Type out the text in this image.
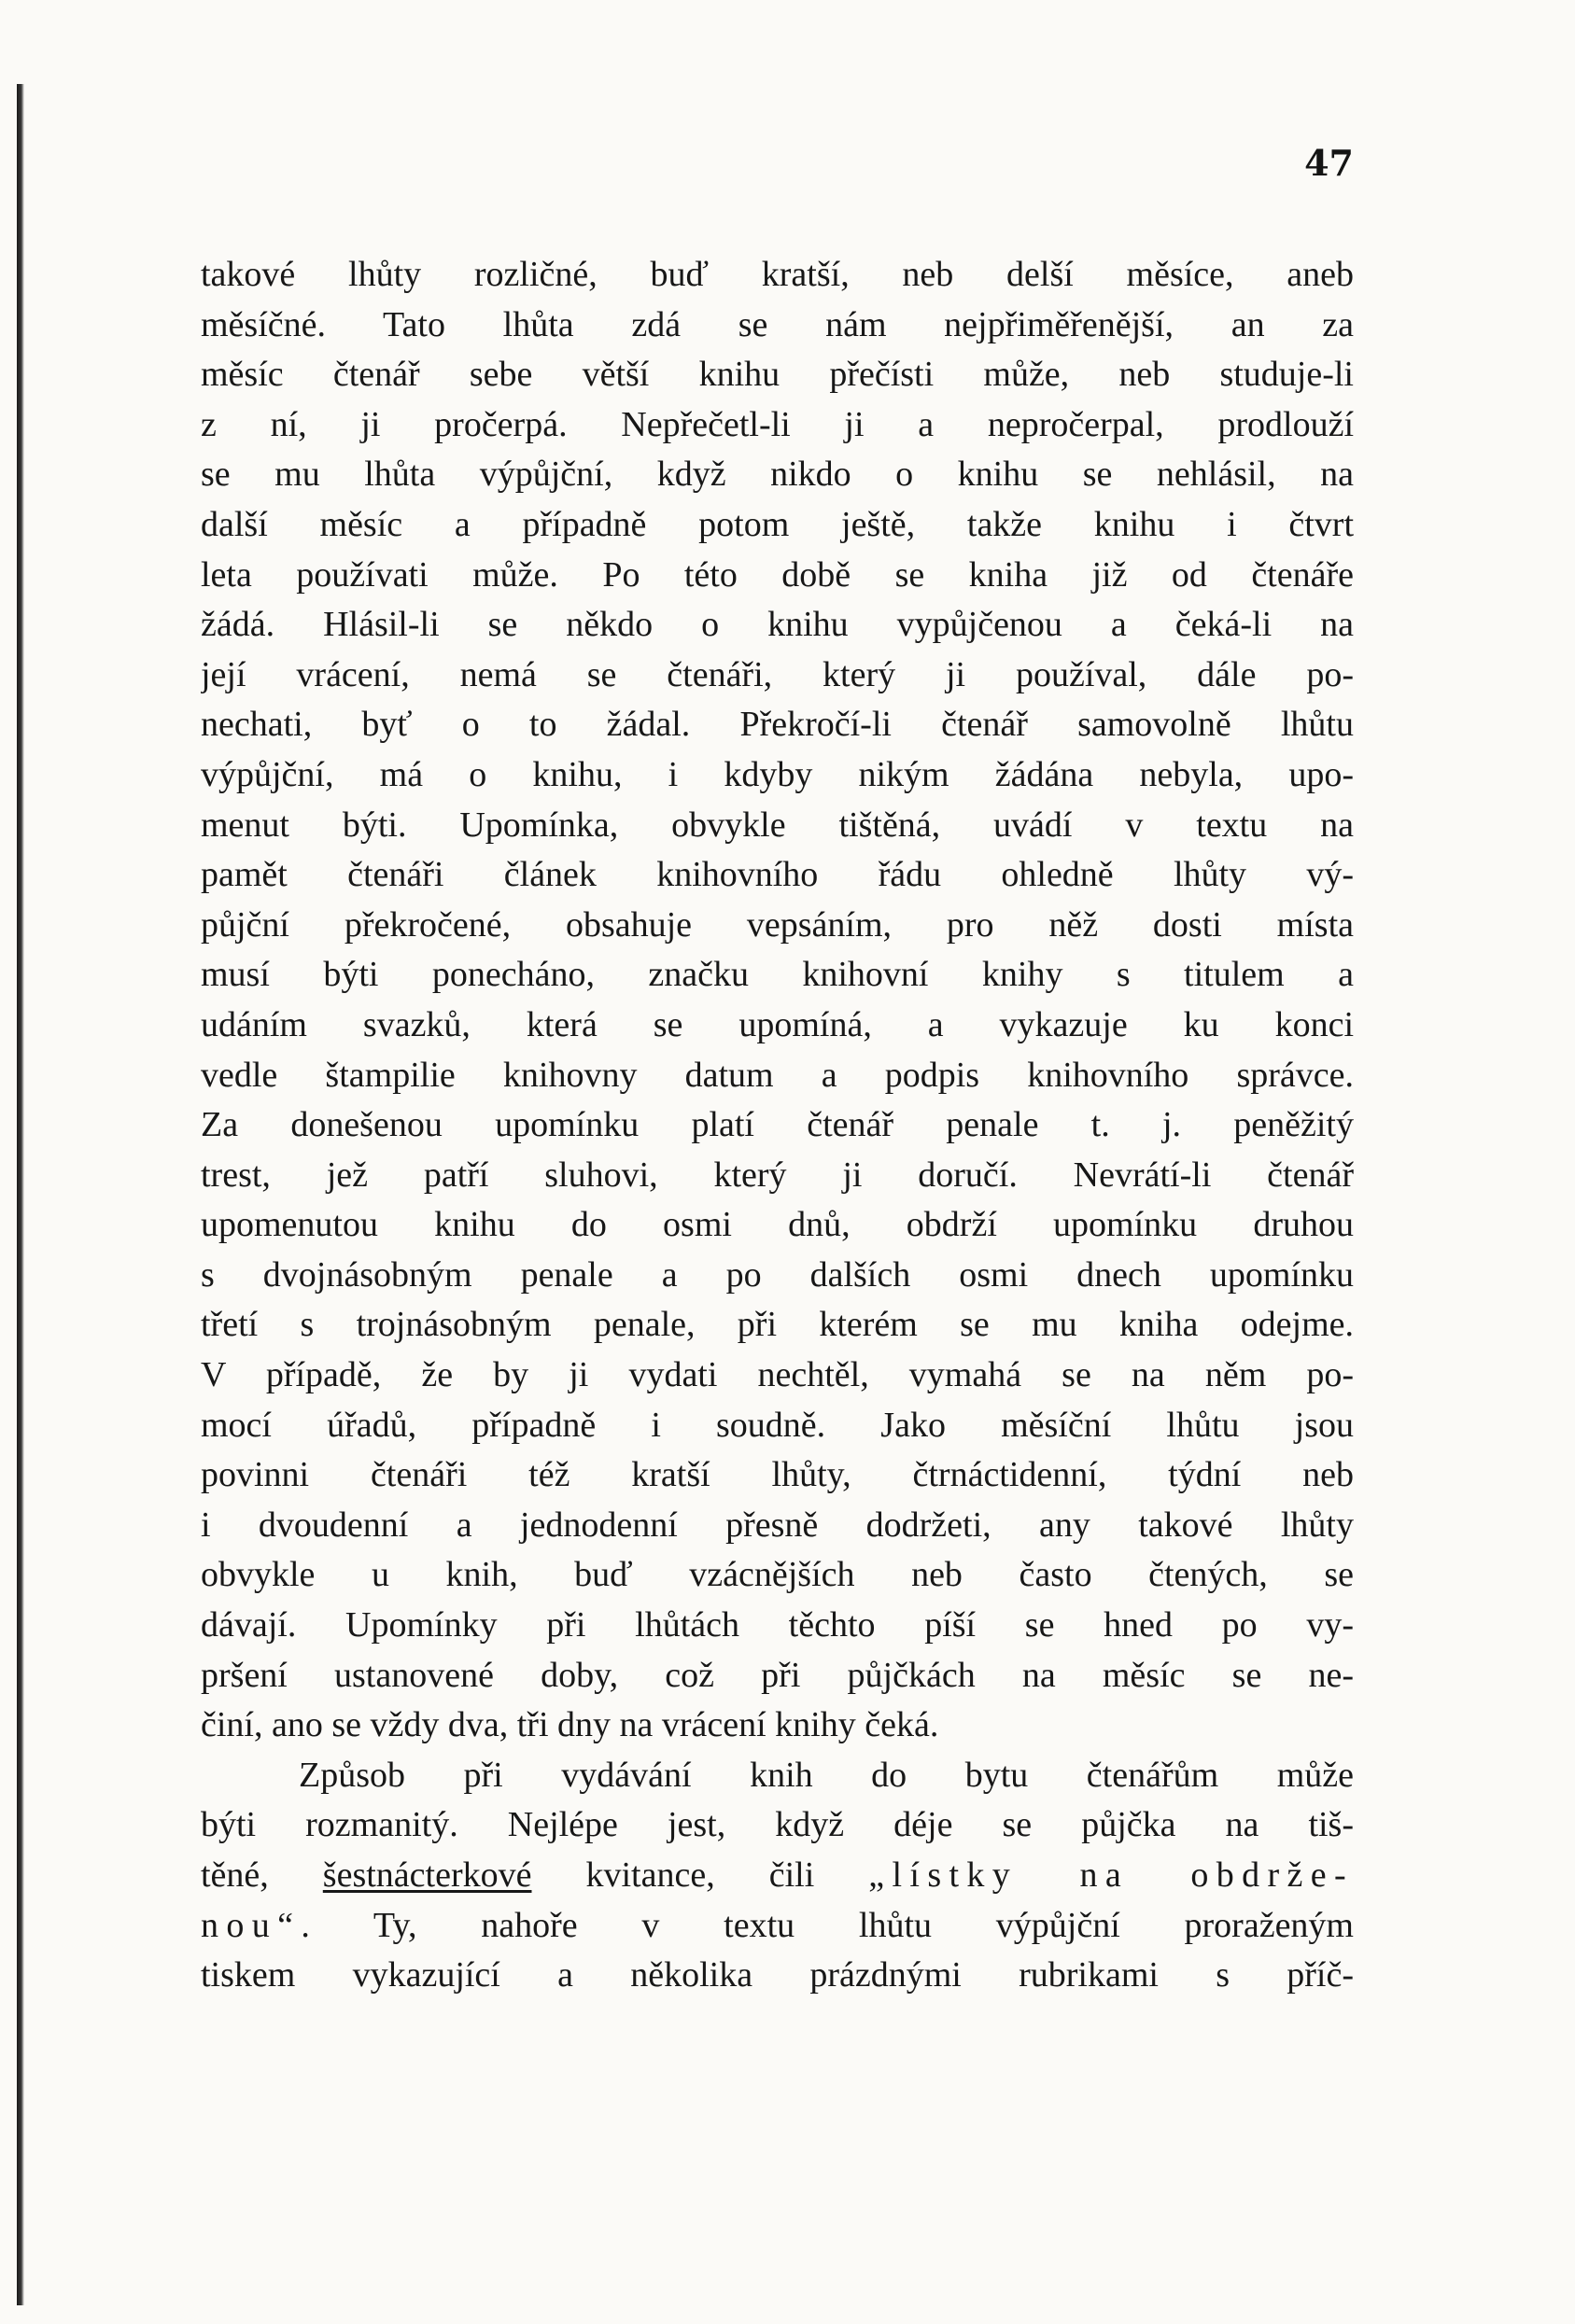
47
takové lhůty rozličné, buď kratší, neb delší měsíce, aneb
měsíčné. Tato lhůta zdá se nám nejpřiměřenější, an za
měsíc čtenář sebe větší knihu přečísti může, neb studuje-li
z ní, ji pročerpá. Nepřečetl-li ji a nepročerpal, prodlouží
se mu lhůta výpůjční, když nikdo o knihu se nehlásil, na
další měsíc a případně potom ještě, takže knihu i čtvrt
leta používati může. Po této době se kniha již od čtenáře
žádá. Hlásil-li se někdo o knihu vypůjčenou a čeká-li na
její vrácení, nemá se čtenáři, který ji používal, dále po-
nechati, byť o to žádal. Překročí-li čtenář samovolně lhůtu
výpůjční, má o knihu, i kdyby nikým žádána nebyla, upo-
menut býti. Upomínka, obvykle tištěná, uvádí v textu na
pamět čtenáři článek knihovního řádu ohledně lhůty vý-
půjční překročené, obsahuje vepsáním, pro něž dosti místa
musí býti ponecháno, značku knihovní knihy s titulem a
udáním svazků, která se upomíná, a vykazuje ku konci
vedle štampilie knihovny datum a podpis knihovního správce.
Za donešenou upomínku platí čtenář penale t. j. peněžitý
trest, jež patří sluhovi, který ji doručí. Nevrátí-li čtenář
upomenutou knihu do osmi dnů, obdrží upomínku druhou
s dvojnásobným penale a po dalších osmi dnech upomínku
třetí s trojnásobným penale, při kterém se mu kniha odejme.
V případě, že by ji vydati nechtěl, vymahá se na něm po-
mocí úřadů, případně i soudně. Jako měsíční lhůtu jsou
povinni čtenáři též kratší lhůty, čtrnáctidenní, týdní neb
i dvoudenní a jednodenní přesně dodržeti, any takové lhůty
obvykle u knih, buď vzácnějších neb často čtených, se
dávají. Upomínky při lhůtách těchto píší se hned po vy-
pršení ustanovené doby, což při půjčkách na měsíc se ne-
činí, ano se vždy dva, tři dny na vrácení knihy čeká.
Způsob při vydávání knih do bytu čtenářům může
býti rozmanitý. Nejlépe jest, když déje se půjčka na tiš-
těné, šestnácterkové kvitance, čili „lístky na obdrže-
nou“. Ty, nahoře v textu lhůtu výpůjční proraženým
tiskem vykazující a několika prázdnými rubrikami s příč-
